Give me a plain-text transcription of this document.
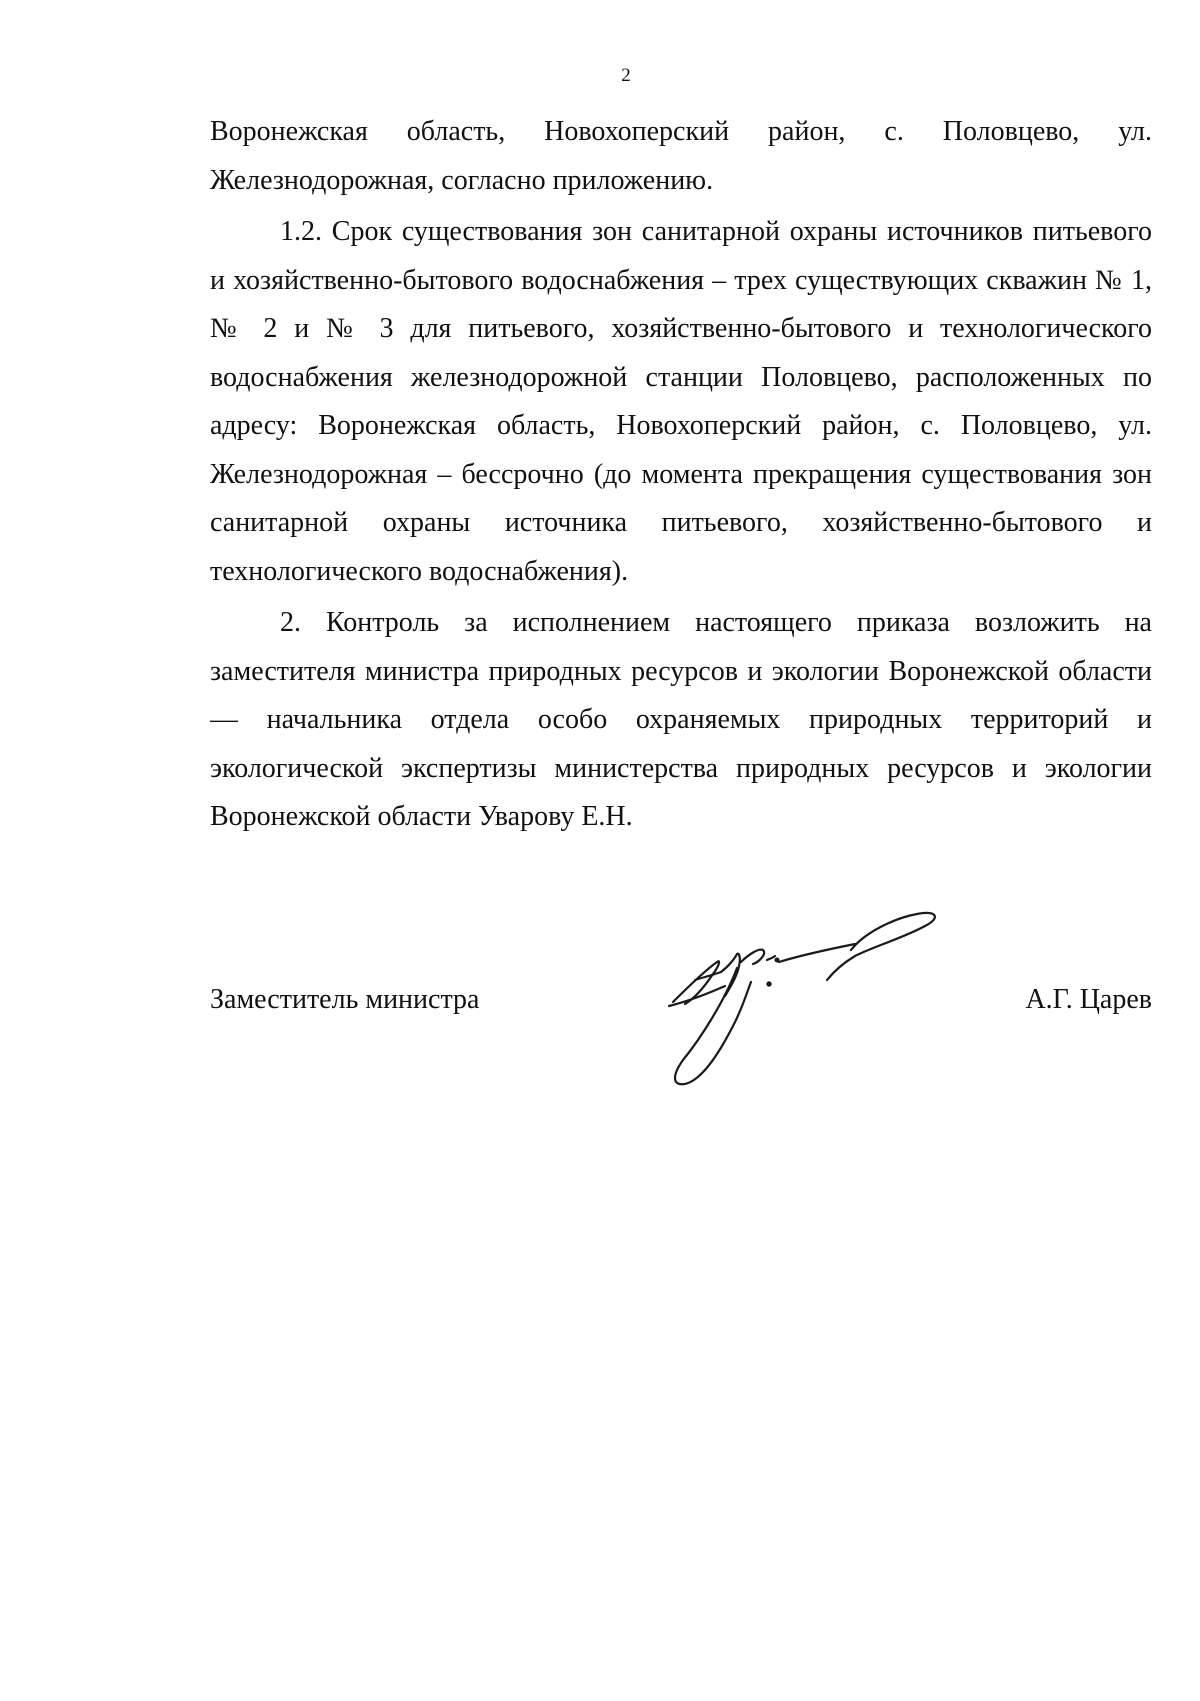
2

Воронежская область, Новохоперский район, с. Половцево, ул. Железнодорожная, согласно приложению.

1.2. Срок существования зон санитарной охраны источников питьевого и хозяйственно-бытового водоснабжения – трех существующих скважин № 1, № 2 и № 3 для питьевого, хозяйственно-бытового и технологического водоснабжения железнодорожной станции Половцево, расположенных по адресу: Воронежская область, Новохоперский район, с. Половцево, ул. Железнодорожная – бессрочно (до момента прекращения существования зон санитарной охраны источника питьевого, хозяйственно-бытового и технологического водоснабжения).

2. Контроль за исполнением настоящего приказа возложить на заместителя министра природных ресурсов и экологии Воронежской области — начальника отдела особо охраняемых природных территорий и экологической экспертизы министерства природных ресурсов и экологии Воронежской области Уварову Е.Н.

Заместитель министра	А.Г. Царев
